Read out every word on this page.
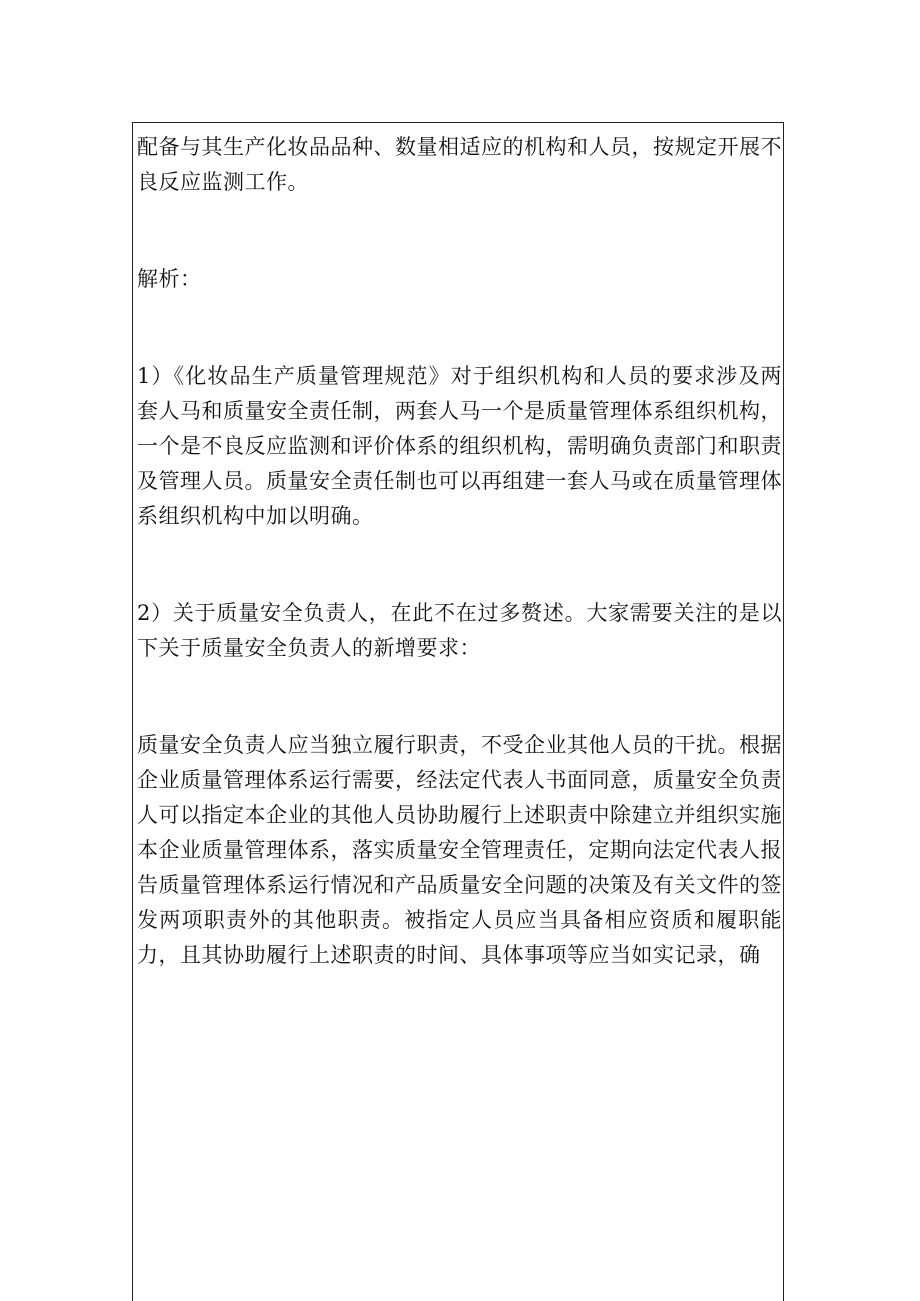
配备与其生产化妆品品种、数量相适应的机构和人员，按规定开展不良反应监测工作。

解析：

1）《化妆品生产质量管理规范》对于组织机构和人员的要求涉及两套人马和质量安全责任制，两套人马一个是质量管理体系组织机构，一个是不良反应监测和评价体系的组织机构，需明确负责部门和职责及管理人员。质量安全责任制也可以再组建一套人马或在质量管理体系组织机构中加以明确。

2）关于质量安全负责人，在此不在过多赘述。大家需要关注的是以下关于质量安全负责人的新增要求：

质量安全负责人应当独立履行职责，不受企业其他人员的干扰。根据企业质量管理体系运行需要，经法定代表人书面同意，质量安全负责人可以指定本企业的其他人员协助履行上述职责中除建立并组织实施本企业质量管理体系，落实质量安全管理责任，定期向法定代表人报告质量管理体系运行情况和产品质量安全问题的决策及有关文件的签发两项职责外的其他职责。被指定人员应当具备相应资质和履职能力，且其协助履行上述职责的时间、具体事项等应当如实记录，确
